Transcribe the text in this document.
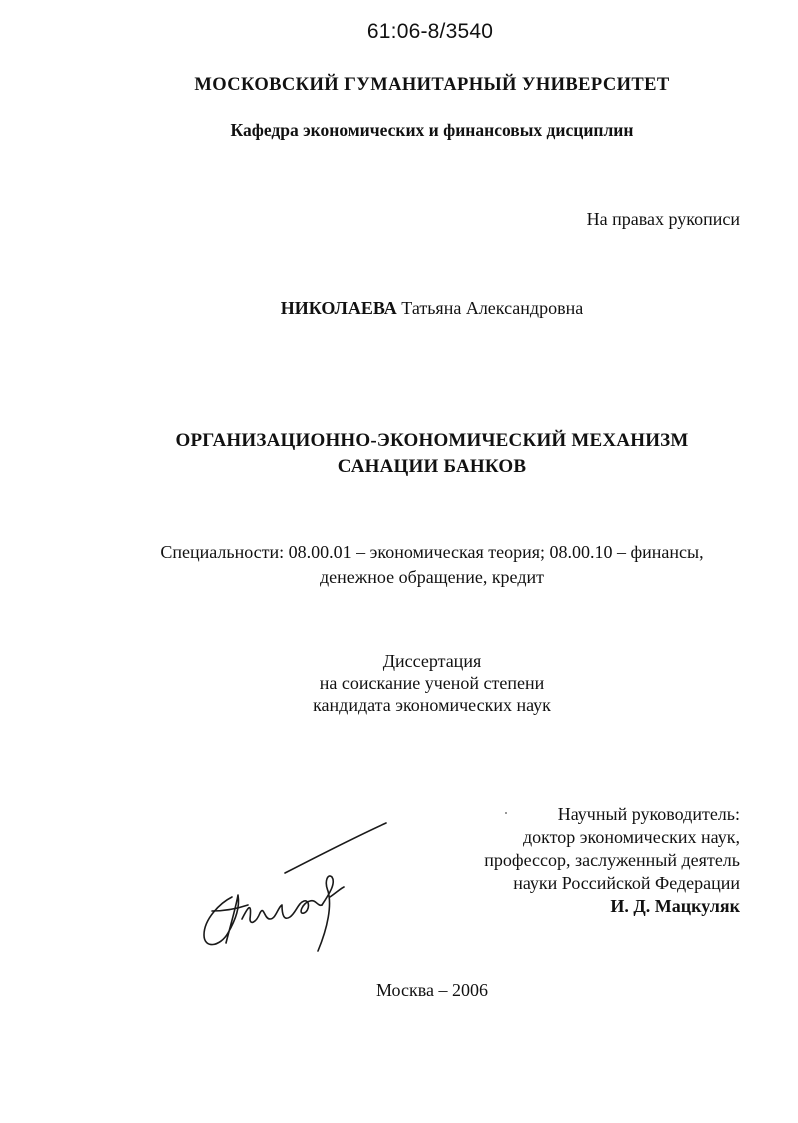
61:06-8/3540
МОСКОВСКИЙ ГУМАНИТАРНЫЙ УНИВЕРСИТЕТ
Кафедра экономических и финансовых дисциплин
На правах рукописи
НИКОЛАЕВА Татьяна Александровна
ОРГАНИЗАЦИОННО-ЭКОНОМИЧЕСКИЙ МЕХАНИЗМ
САНАЦИИ БАНКОВ
Специальности: 08.00.01 – экономическая теория; 08.00.10 – финансы,
денежное обращение, кредит
Диссертация
на соискание ученой степени
кандидата экономических наук
Научный руководитель:
доктор экономических наук,
профессор, заслуженный деятель
науки Российской Федерации
И. Д. Мацкуляк
Москва – 2006
